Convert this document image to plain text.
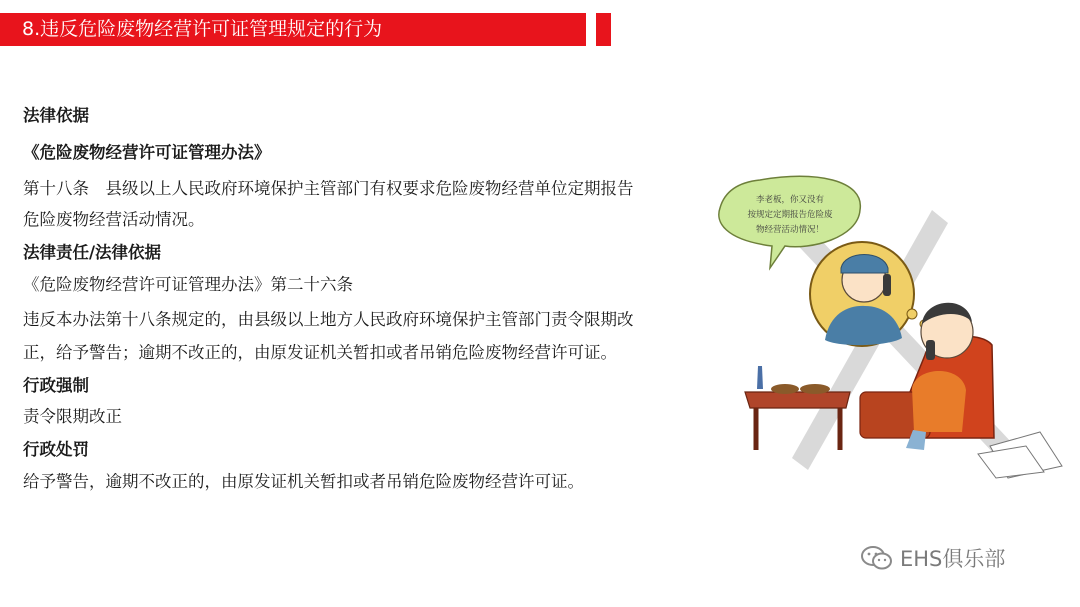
8.违反危险废物经营许可证管理规定的行为
法律依据
《危险废物经营许可证管理办法》
第十八条　县级以上人民政府环境保护主管部门有权要求危险废物经营单位定期报告
危险废物经营活动情况。
法律责任/法律依据
《危险废物经营许可证管理办法》第二十六条
违反本办法第十八条规定的，由县级以上地方人民政府环境保护主管部门责令限期改
正，给予警告；逾期不改正的，由原发证机关暂扣或者吊销危险废物经营许可证。
行政强制
责令限期改正
行政处罚
给予警告，逾期不改正的，由原发证机关暂扣或者吊销危险废物经营许可证。
李老板，你又没有
按规定定期报告危险废
物经营活动情况！
EHS俱乐部
